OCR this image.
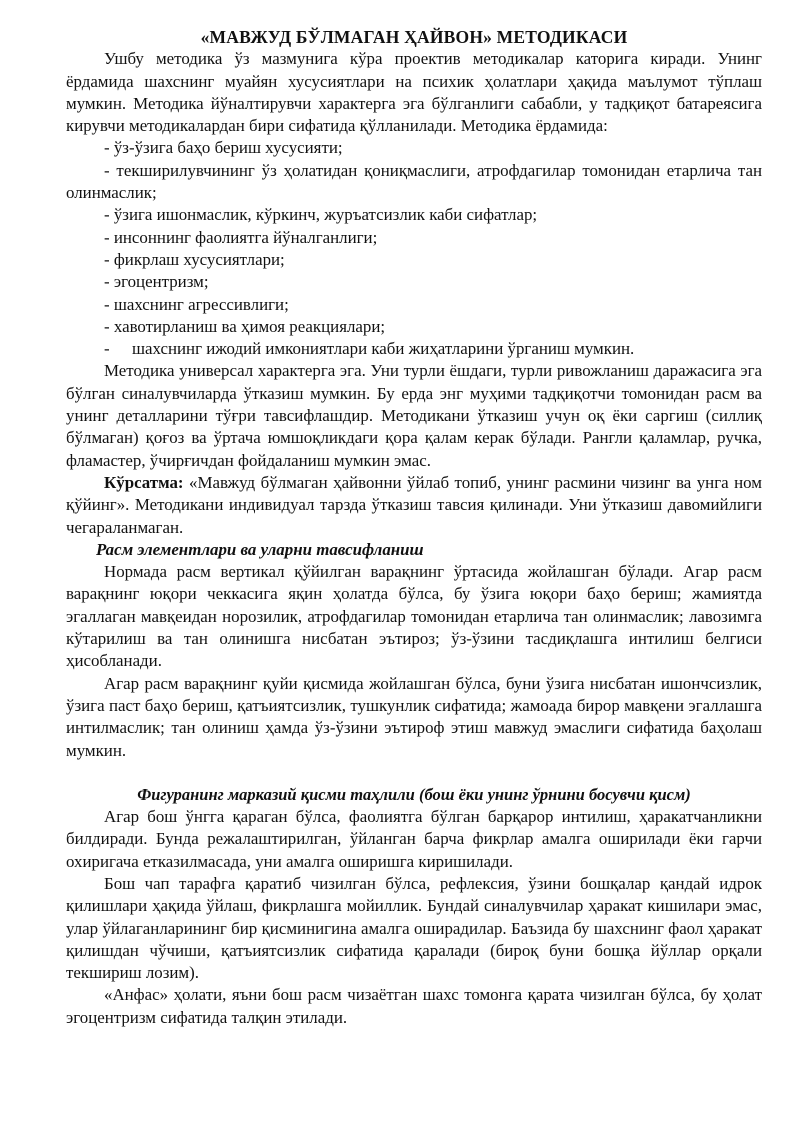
«МАВЖУД БЎЛМАГАН ҲАЙВОН» МЕТОДИКАСИ

Ушбу методика ўз мазмунига кўра проектив методикалар каторига киради. Унинг ёрдамида шахснинг муайян хусусиятлари на психик ҳолатлари ҳақида маълумот тўплаш мумкин. Методика йўналтирувчи характерга эга бўлганлиги сабабли, у тадқиқот батареясига кирувчи методикалардан бири сифатида қўлланилади. Методика ёрдамида:

- ўз-ўзига баҳо бериш хусусияти;

- текширилувчининг ўз ҳолатидан қониқмаслиги, атрофдагилар томонидан етарлича тан олинмаслик;

- ўзига ишонмаслик, кўркинч, журъатсизлик каби сифатлар;

- инсоннинг фаолиятга йўналганлиги;

- фикрлаш хусусиятлари;

- эгоцентризм;

- шахснинг агрессивлиги;

- хавотирланиш ва ҳимоя реакциялари;

- шахснинг ижодий имкониятлари каби жиҳатларини ўрганиш мумкин.

Методика универсал характерга эга. Уни турли ёшдаги, турли ривожланиш даражасига эга бўлган синалувчиларда ўтказиш мумкин. Бу ерда энг муҳими тадқиқотчи томонидан расм ва унинг деталларини тўғри тавсифлашдир. Методикани ўтказиш учун оқ ёки саргиш (силлиқ бўлмаган) қоғоз ва ўртача юмшоқликдаги қора қалам керак бўлади. Рангли қаламлар, ручка, фламастер, ўчирғичдан фойдаланиш мумкин эмас.

Кўрсатма: «Мавжуд бўлмаган ҳайвонни ўйлаб топиб, унинг расмини чизинг ва унга ном қўйинг». Методикани индивидуал тарзда ўтказиш тавсия қилинади. Уни ўтказиш давомийлиги чегараланмаган.

Расм элементлари ва уларни тавсифланиш

Нормада расм вертикал қўйилган варақнинг ўртасида жойлашган бўлади. Агар расм варақнинг юқори чеккасига яқин ҳолатда бўлса, бу ўзига юқори баҳо бериш; жамиятда эгаллаган мавқеидан норозилик, атрофдагилар томонидан етарлича тан олинмаслик; лавозимга кўтарилиш ва тан олинишга нисбатан эътироз; ўз-ўзини тасдиқлашга интилиш белгиси ҳисобланади.

Агар расм варақнинг қуйи қисмида жойлашган бўлса, буни ўзига нисбатан ишончсизлик, ўзига паст баҳо бериш, қатъиятсизлик, тушкунлик сифатида; жамоада бирор мавқени эгаллашга интилмаслик; тан олиниш ҳамда ўз-ўзини эътироф этиш мавжуд эмаслиги сифатида баҳолаш мумкин.

Фигуранинг марказий қисми таҳлили (бош ёки унинг ўрнини босувчи қисм)

Агар бош ўнгга қараган бўлса, фаолиятга бўлган барқарор интилиш, ҳаракатчанликни билдиради. Бунда режалаштирилган, ўйланган барча фикрлар амалга оширилади ёки гарчи охиригача етказилмасада, уни амалга оширишга киришилади.

Бош чап тарафга қаратиб чизилган бўлса, рефлексия, ўзини бошқалар қандай идрок қилишлари ҳақида ўйлаш, фикрлашга мойиллик. Бундай синалувчилар ҳаракат кишилари эмас, улар ўйлаганларининг бир қисминигина амалга оширадилар. Баъзида бу шахснинг фаол ҳаракат қилишдан чўчиши, қатъиятсизлик сифатида қаралади (бироқ буни бошқа йўллар орқали текшириш лозим).

«Анфас» ҳолати, яъни бош расм чизаётган шахс томонга қарата чизилган бўлса, бу ҳолат эгоцентризм сифатида талқин этилади.
